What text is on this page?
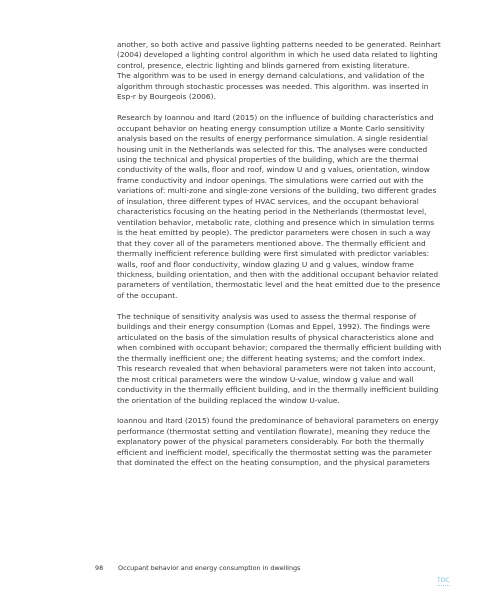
another, so both active and passive lighting patterns needed to be generated. Reinhart
(2004) developed a lighting control algorithm in which he used data related to lighting
control, presence, electric lighting and blinds garnered from existing literature.
The algorithm was to be used in energy demand calculations, and validation of the
algorithm through stochastic processes was needed. This algorithm. was inserted in
Esp-r by Bourgeois (2006).

Research by Ioannou and Itard (2015) on the influence of building characteristics and
occupant behavior on heating energy consumption utilize a Monte Carlo sensitivity
analysis based on the results of energy performance simulation. A single residential
housing unit in the Netherlands was selected for this. The analyses were conducted
using the technical and physical properties of the building, which are the thermal
conductivity of the walls, floor and roof, window U and g values, orientation, window
frame conductivity and indoor openings. The simulations were carried out with the
variations of: multi-zone and single-zone versions of the building, two different grades
of insulation, three different types of HVAC services, and the occupant behavioral
characteristics focusing on the heating period in the Netherlands (thermostat level,
ventilation behavior, metabolic rate, clothing and presence which in simulation terms
is the heat emitted by people). The predictor parameters were chosen in such a way
that they cover all of the parameters mentioned above. The thermally efficient and
thermally inefficient reference building were first simulated with predictor variables:
walls, roof and floor conductivity, window glazing U and g values, window frame
thickness, building orientation, and then with the additional occupant behavior related
parameters of ventilation, thermostatic level and the heat emitted due to the presence
of the occupant.

The technique of sensitivity analysis was used to assess the thermal response of
buildings and their energy consumption (Lomas and Eppel, 1992). The findings were
articulated on the basis of the simulation results of physical characteristics alone and
when combined with occupant behavior; compared the thermally efficient building with
the thermally inefficient one; the different heating systems; and the comfort index.
This research revealed that when behavioral parameters were not taken into account,
the most critical parameters were the window U-value, window g value and wall
conductivity in the thermally efficient building, and in the thermally inefficient building
the orientation of the building replaced the window U-value.

Ioannou and Itard (2015) found the predominance of behavioral parameters on energy
performance (thermostat setting and ventilation flowrate), meaning they reduce the
explanatory power of the physical parameters considerably. For both the thermally
efficient and inefficient model, specifically the thermostat setting was the parameter
that dominated the effect on the heating consumption, and the physical parameters

98 Occupant behavior and energy consumption in dwellings
TOC
